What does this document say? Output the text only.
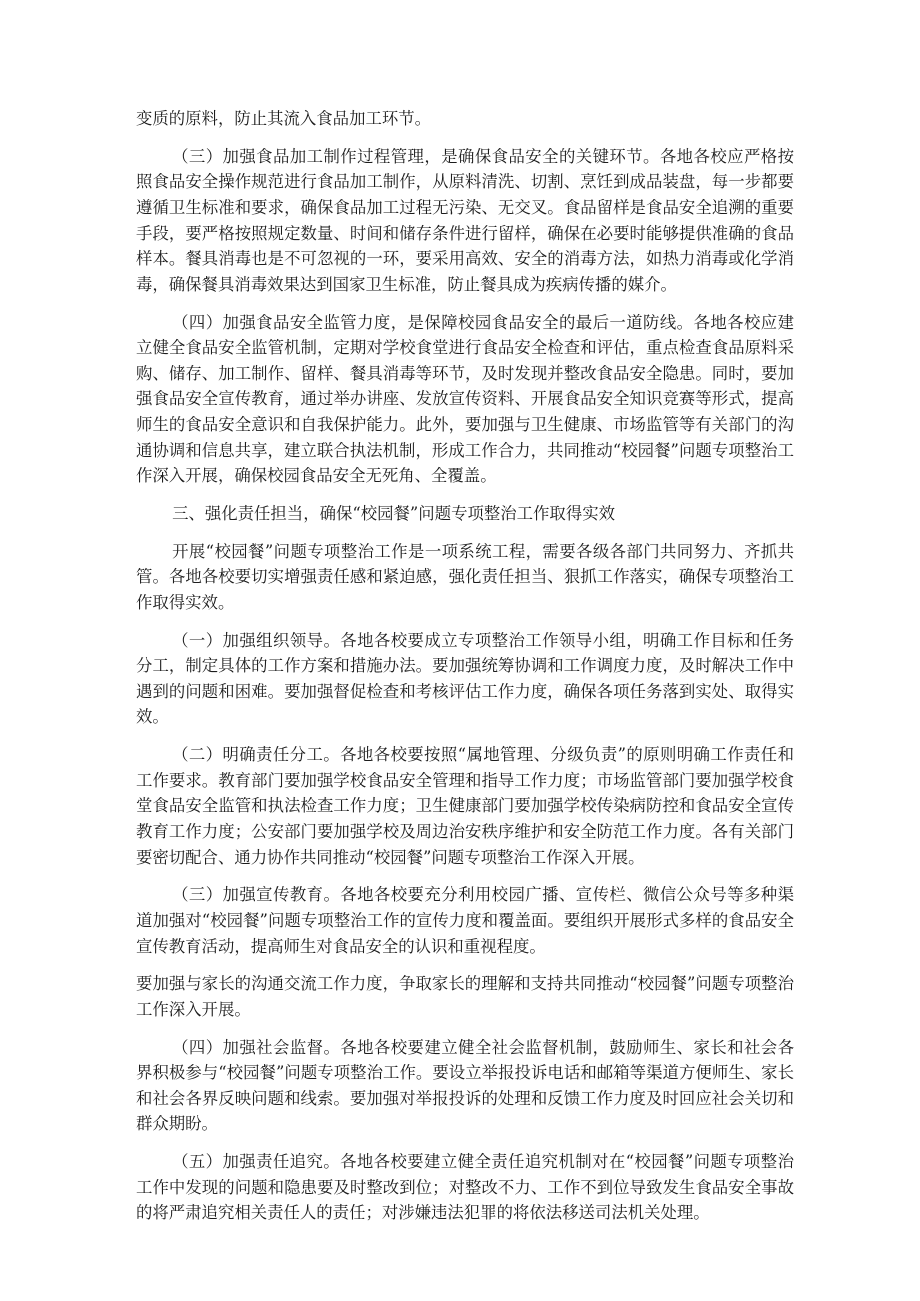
变质的原料，防止其流入食品加工环节。

（三）加强食品加工制作过程管理，是确保食品安全的关键环节。各地各校应严格按照食品安全操作规范进行食品加工制作，从原料清洗、切割、烹饪到成品装盘，每一步都要遵循卫生标准和要求，确保食品加工过程无污染、无交叉。食品留样是食品安全追溯的重要手段，要严格按照规定数量、时间和储存条件进行留样，确保在必要时能够提供准确的食品样本。餐具消毒也是不可忽视的一环，要采用高效、安全的消毒方法，如热力消毒或化学消毒，确保餐具消毒效果达到国家卫生标准，防止餐具成为疾病传播的媒介。

（四）加强食品安全监管力度，是保障校园食品安全的最后一道防线。各地各校应建立健全食品安全监管机制，定期对学校食堂进行食品安全检查和评估，重点检查食品原料采购、储存、加工制作、留样、餐具消毒等环节，及时发现并整改食品安全隐患。同时，要加强食品安全宣传教育，通过举办讲座、发放宣传资料、开展食品安全知识竞赛等形式，提高师生的食品安全意识和自我保护能力。此外，要加强与卫生健康、市场监管等有关部门的沟通协调和信息共享，建立联合执法机制，形成工作合力，共同推动“校园餐”问题专项整治工作深入开展，确保校园食品安全无死角、全覆盖。

三、强化责任担当，确保“校园餐”问题专项整治工作取得实效

开展“校园餐”问题专项整治工作是一项系统工程，需要各级各部门共同努力、齐抓共管。各地各校要切实增强责任感和紧迫感，强化责任担当、狠抓工作落实，确保专项整治工作取得实效。

（一）加强组织领导。各地各校要成立专项整治工作领导小组，明确工作目标和任务分工，制定具体的工作方案和措施办法。要加强统筹协调和工作调度力度，及时解决工作中遇到的问题和困难。要加强督促检查和考核评估工作力度，确保各项任务落到实处、取得实效。

（二）明确责任分工。各地各校要按照“属地管理、分级负责”的原则明确工作责任和工作要求。教育部门要加强学校食品安全管理和指导工作力度；市场监管部门要加强学校食堂食品安全监管和执法检查工作力度；卫生健康部门要加强学校传染病防控和食品安全宣传教育工作力度；公安部门要加强学校及周边治安秩序维护和安全防范工作力度。各有关部门要密切配合、通力协作共同推动“校园餐”问题专项整治工作深入开展。

（三）加强宣传教育。各地各校要充分利用校园广播、宣传栏、微信公众号等多种渠道加强对“校园餐”问题专项整治工作的宣传力度和覆盖面。要组织开展形式多样的食品安全宣传教育活动，提高师生对食品安全的认识和重视程度。

要加强与家长的沟通交流工作力度，争取家长的理解和支持共同推动“校园餐”问题专项整治工作深入开展。

（四）加强社会监督。各地各校要建立健全社会监督机制，鼓励师生、家长和社会各界积极参与“校园餐”问题专项整治工作。要设立举报投诉电话和邮箱等渠道方便师生、家长和社会各界反映问题和线索。要加强对举报投诉的处理和反馈工作力度及时回应社会关切和群众期盼。

（五）加强责任追究。各地各校要建立健全责任追究机制对在“校园餐”问题专项整治工作中发现的问题和隐患要及时整改到位；对整改不力、工作不到位导致发生食品安全事故的将严肃追究相关责任人的责任；对涉嫌违法犯罪的将依法移送司法机关处理。
